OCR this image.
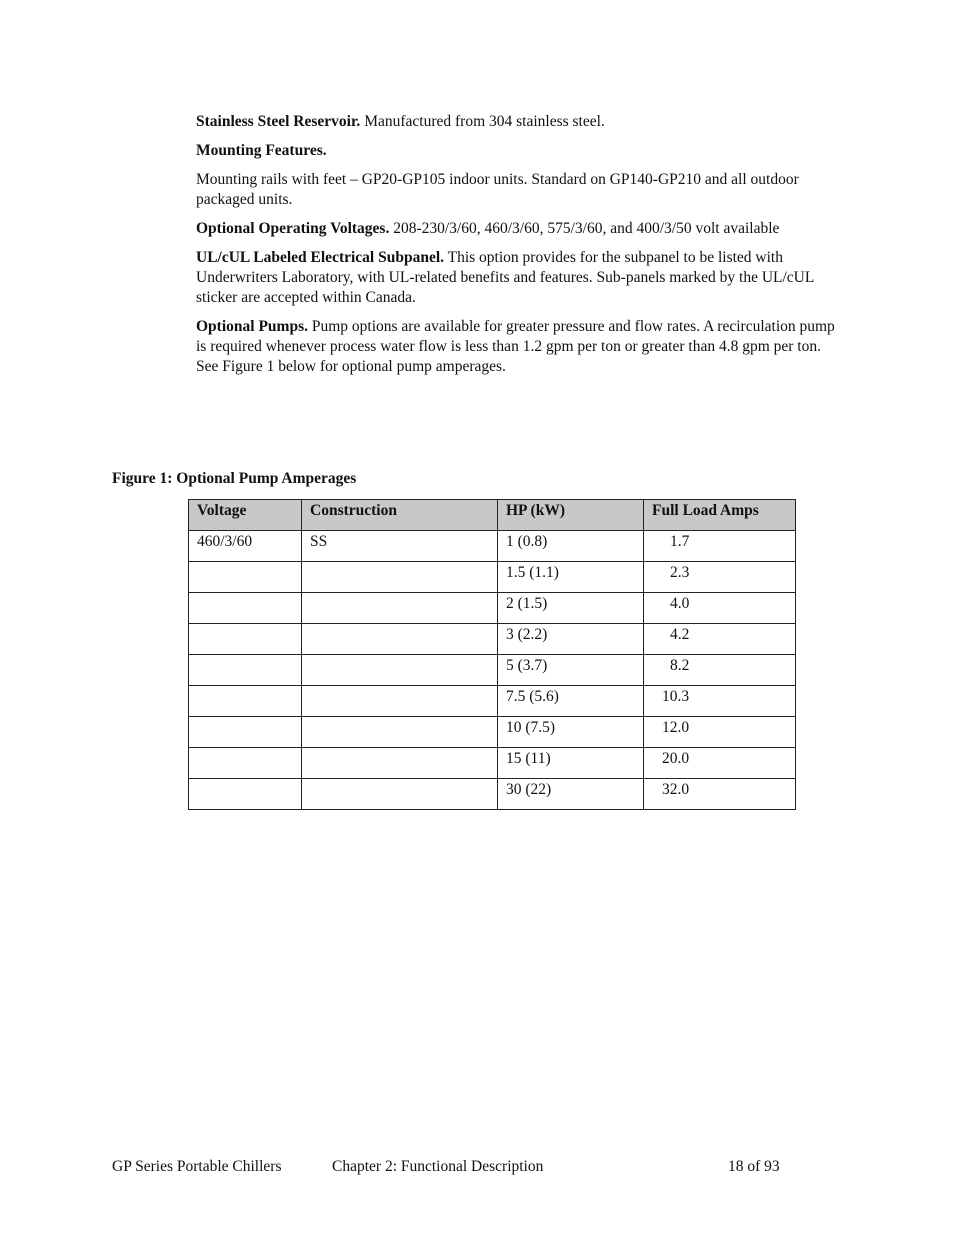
Stainless Steel Reservoir. Manufactured from 304 stainless steel.

Mounting Features.

Mounting rails with feet – GP20-GP105 indoor units. Standard on GP140-GP210 and all outdoor packaged units.

Optional Operating Voltages. 208-230/3/60, 460/3/60, 575/3/60, and 400/3/50 volt available

UL/cUL Labeled Electrical Subpanel. This option provides for the subpanel to be listed with Underwriters Laboratory, with UL-related benefits and features. Sub-panels marked by the UL/cUL sticker are accepted within Canada.

Optional Pumps. Pump options are available for greater pressure and flow rates. A recirculation pump is required whenever process water flow is less than 1.2 gpm per ton or greater than 4.8 gpm per ton. See Figure 1 below for optional pump amperages.

Figure 1: Optional Pump Amperages
Voltage	Construction	HP (kW)	Full Load Amps
460/3/60	SS	1 (0.8)	1.7
		1.5 (1.1)	2.3
		2 (1.5)	4.0
		3 (2.2)	4.2
		5 (3.7)	8.2
		7.5 (5.6)	10.3
		10 (7.5)	12.0
		15 (11)	20.0
		30 (22)	32.0
GP Series Portable Chillers	Chapter 2: Functional Description	18 of 93
